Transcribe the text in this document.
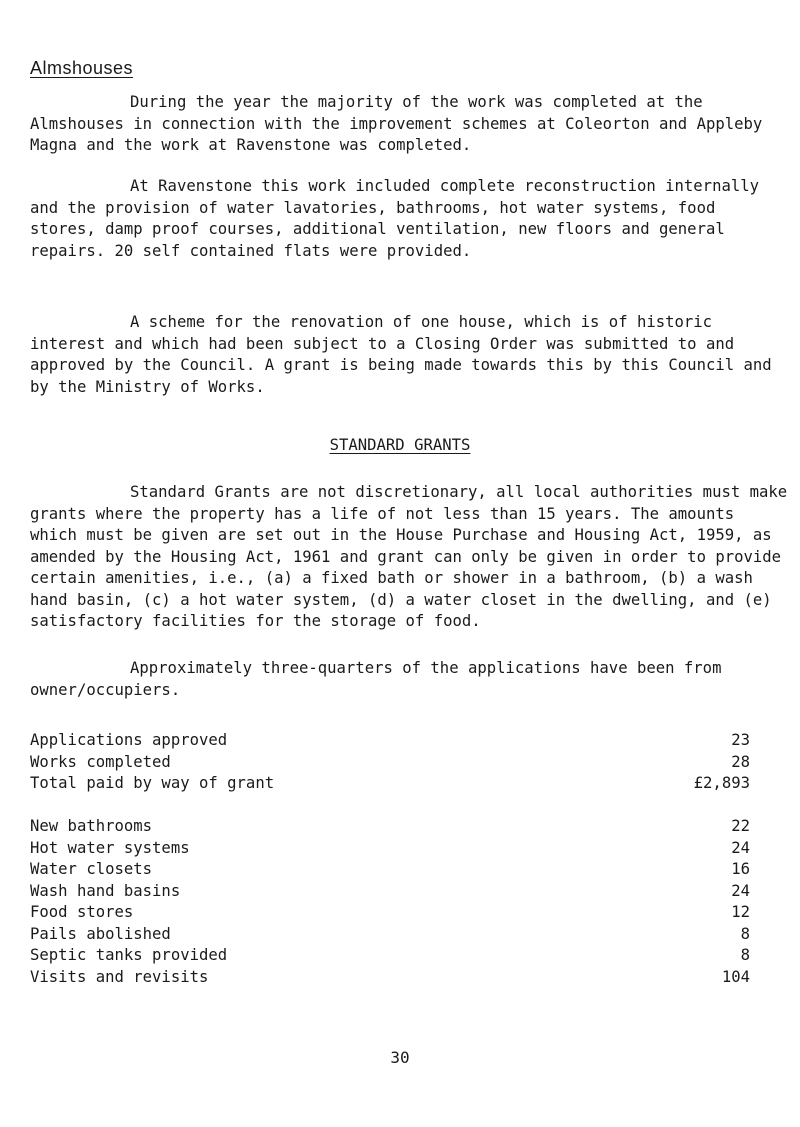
Almshouses

During the year the majority of the work was completed at the Almshouses in connection with the improvement schemes at Coleorton and Appleby Magna and the work at Ravenstone was completed.

At Ravenstone this work included complete reconstruction internally and the provision of water lavatories, bathrooms, hot water systems, food stores, damp proof courses, additional ventilation, new floors and general repairs. 20 self contained flats were provided.

A scheme for the renovation of one house, which is of historic interest and which had been subject to a Closing Order was submitted to and approved by the Council. A grant is being made towards this by this Council and by the Ministry of Works.

STANDARD GRANTS

Standard Grants are not discretionary, all local authorities must make grants where the property has a life of not less than 15 years. The amounts which must be given are set out in the House Purchase and Housing Act, 1959, as amended by the Housing Act, 1961 and grant can only be given in order to provide certain amenities, i.e., (a) a fixed bath or shower in a bathroom, (b) a wash hand basin, (c) a hot water system, (d) a water closet in the dwelling, and (e) satisfactory facilities for the storage of food.

Approximately three-quarters of the applications have been from owner/occupiers.

Applications approved	23
Works completed	28
Total paid by way of grant	£2,893
New bathrooms	22
Hot water systems	24
Water closets	16
Wash hand basins	24
Food stores	12
Pails abolished	8
Septic tanks provided	8
Visits and revisits	104
30
